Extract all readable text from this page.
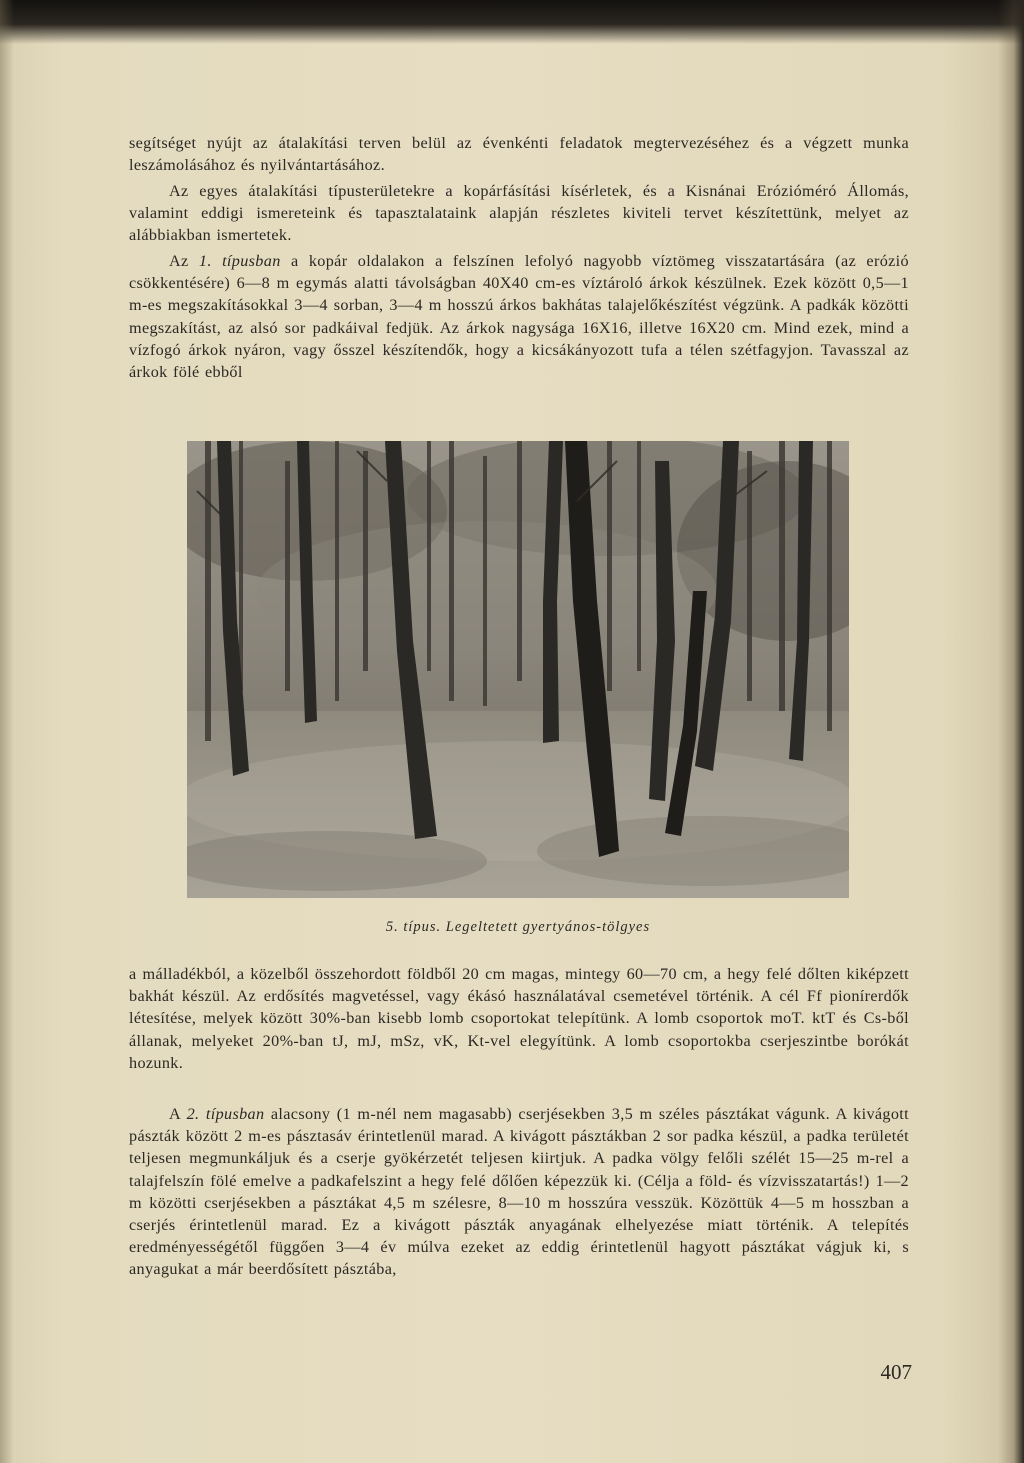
segítséget nyújt az átalakítási terven belül az évenkénti feladatok megtervezéséhez és a végzett munka leszámolásához és nyilvántartásához.

Az egyes átalakítási típusterületekre a kopárfásítási kísérletek, és a Kisnánai Erózióméró Állomás, valamint eddigi ismereteink és tapasztalataink alapján részletes kiviteli tervet készítettünk, melyet az alábbiakban ismertetek.

Az 1. típusban a kopár oldalakon a felszínen lefolyó nagyobb víztömeg visszatartására (az erózió csökkentésére) 6—8 m egymás alatti távolságban 40X40 cm-es víztároló árkok készülnek. Ezek között 0,5—1 m-es megszakításokkal 3—4 sorban, 3—4 m hosszú árkos bakhátas talajelőkészítést végzünk. A padkák közötti megszakítást, az alsó sor padkáival fedjük. Az árkok nagysága 16X16, illetve 16X20 cm. Mind ezek, mind a vízfogó árkok nyáron, vagy ősszel készítendők, hogy a kicsákányozott tufa a télen szétfagyjon. Tavasszal az árkok fölé ebből

5. típus. Legeltetett gyertyános-tölgyes

a málladékból, a közelből összehordott földből 20 cm magas, mintegy 60—70 cm, a hegy felé dőlten kiképzett bakhát készül. Az erdősítés magvetéssel, vagy ékásó használatával csemetével történik. A cél Ff pionírerdők létesítése, melyek között 30%-ban kisebb lomb csoportokat telepítünk. A lomb csoportok moT. ktT és Cs-ből állanak, melyeket 20%-ban tJ, mJ, mSz, vK, Kt-vel elegyítünk. A lomb csoportokba cserjeszintbe borókát hozunk.

A 2. típusban alacsony (1 m-nél nem magasabb) cserjésekben 3,5 m széles pásztákat vágunk. A kivágott pászták között 2 m-es pásztasáv érintetlenül marad. A kivágott pásztákban 2 sor padka készül, a padka területét teljesen megmunkáljuk és a cserje gyökérzetét teljesen kiirtjuk. A padka völgy felőli szélét 15—25 m-rel a talajfelszín fölé emelve a padkafelszint a hegy felé dőlően képezzük ki. (Célja a föld- és vízvisszatartás!) 1—2 m közötti cserjésekben a pásztákat 4,5 m szélesre, 8—10 m hosszúra vesszük. Közöttük 4—5 m hosszban a cserjés érintetlenül marad. Ez a kivágott pászták anyagának elhelyezése miatt történik. A telepítés eredményességétől függően 3—4 év múlva ezeket az eddig érintetlenül hagyott pásztákat vágjuk ki, s anyagukat a már beerdősített pásztába,

407
